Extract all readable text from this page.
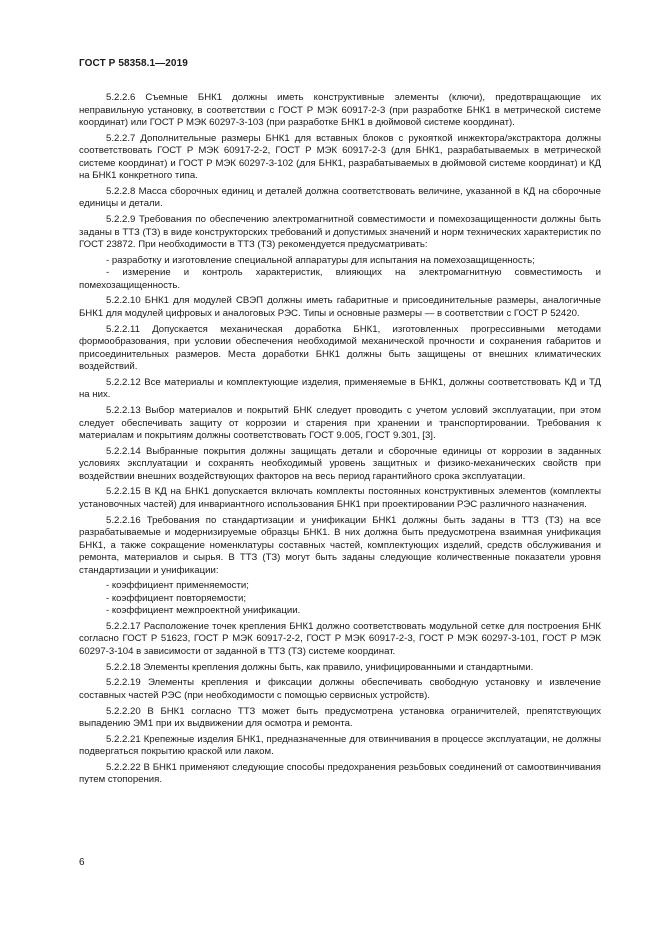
ГОСТ Р 58358.1—2019

5.2.2.6 Съемные БНК1 должны иметь конструктивные элементы (ключи), предотвращающие их неправильную установку, в соответствии с ГОСТ Р МЭК 60917-2-3 (при разработке БНК1 в метрической системе координат) или ГОСТ Р МЭК 60297-3-103 (при разработке БНК1 в дюймовой системе координат).

5.2.2.7 Дополнительные размеры БНК1 для вставных блоков с рукояткой инжектора/экстрактора должны соответствовать ГОСТ Р МЭК 60917-2-2, ГОСТ Р МЭК 60917-2-3 (для БНК1, разрабатываемых в метрической системе координат) и ГОСТ Р МЭК 60297-3-102 (для БНК1, разрабатываемых в дюймовой системе координат) и КД на БНК1 конкретного типа.

5.2.2.8 Масса сборочных единиц и деталей должна соответствовать величине, указанной в КД на сборочные единицы и детали.

5.2.2.9 Требования по обеспечению электромагнитной совместимости и помехозащищенности должны быть заданы в ТТЗ (ТЗ) в виде конструкторских требований и допустимых значений и норм технических характеристик по ГОСТ 23872. При необходимости в ТТЗ (ТЗ) рекомендуется предусматривать:

- разработку и изготовление специальной аппаратуры для испытания на помехозащищенность;

- измерение и контроль характеристик, влияющих на электромагнитную совместимость и помехозащищенность.

5.2.2.10 БНК1 для модулей СВЭП должны иметь габаритные и присоединительные размеры, аналогичные БНК1 для модулей цифровых и аналоговых РЭС. Типы и основные размеры — в соответствии с ГОСТ Р 52420.

5.2.2.11 Допускается механическая доработка БНК1, изготовленных прогрессивными методами формообразования, при условии обеспечения необходимой механической прочности и сохранения габаритов и присоединительных размеров. Места доработки БНК1 должны быть защищены от внешних климатических воздействий.

5.2.2.12 Все материалы и комплектующие изделия, применяемые в БНК1, должны соответствовать КД и ТД на них.

5.2.2.13 Выбор материалов и покрытий БНК следует проводить с учетом условий эксплуатации, при этом следует обеспечивать защиту от коррозии и старения при хранении и транспортировании. Требования к материалам и покрытиям должны соответствовать ГОСТ 9.005, ГОСТ 9.301, [3].

5.2.2.14 Выбранные покрытия должны защищать детали и сборочные единицы от коррозии в заданных условиях эксплуатации и сохранять необходимый уровень защитных и физико-механических свойств при воздействии внешних воздействующих факторов на весь период гарантийного срока эксплуатации.

5.2.2.15 В КД на БНК1 допускается включать комплекты постоянных конструктивных элементов (комплекты установочных частей) для инвариантного использования БНК1 при проектировании РЭС различного назначения.

5.2.2.16 Требования по стандартизации и унификации БНК1 должны быть заданы в ТТЗ (ТЗ) на все разрабатываемые и модернизируемые образцы БНК1. В них должна быть предусмотрена взаимная унификация БНК1, а также сокращение номенклатуры составных частей, комплектующих изделий, средств обслуживания и ремонта, материалов и сырья. В ТТЗ (ТЗ) могут быть заданы следующие количественные показатели уровня стандартизации и унификации:

- коэффициент применяемости;

- коэффициент повторяемости;

- коэффициент межпроектной унификации.

5.2.2.17 Расположение точек крепления БНК1 должно соответствовать модульной сетке для построения БНК согласно ГОСТ Р 51623, ГОСТ Р МЭК 60917-2-2, ГОСТ Р МЭК 60917-2-3, ГОСТ Р МЭК 60297-3-101, ГОСТ Р МЭК 60297-3-104 в зависимости от заданной в ТТЗ (ТЗ) системе координат.

5.2.2.18 Элементы крепления должны быть, как правило, унифицированными и стандартными.

5.2.2.19 Элементы крепления и фиксации должны обеспечивать свободную установку и извлечение составных частей РЭС (при необходимости с помощью сервисных устройств).

5.2.2.20 В БНК1 согласно ТТЗ может быть предусмотрена установка ограничителей, препятствующих выпадению ЭМ1 при их выдвижении для осмотра и ремонта.

5.2.2.21 Крепежные изделия БНК1, предназначенные для отвинчивания в процессе эксплуатации, не должны подвергаться покрытию краской или лаком.

5.2.2.22 В БНК1 применяют следующие способы предохранения резьбовых соединений от самоотвинчивания путем стопорения.

6
